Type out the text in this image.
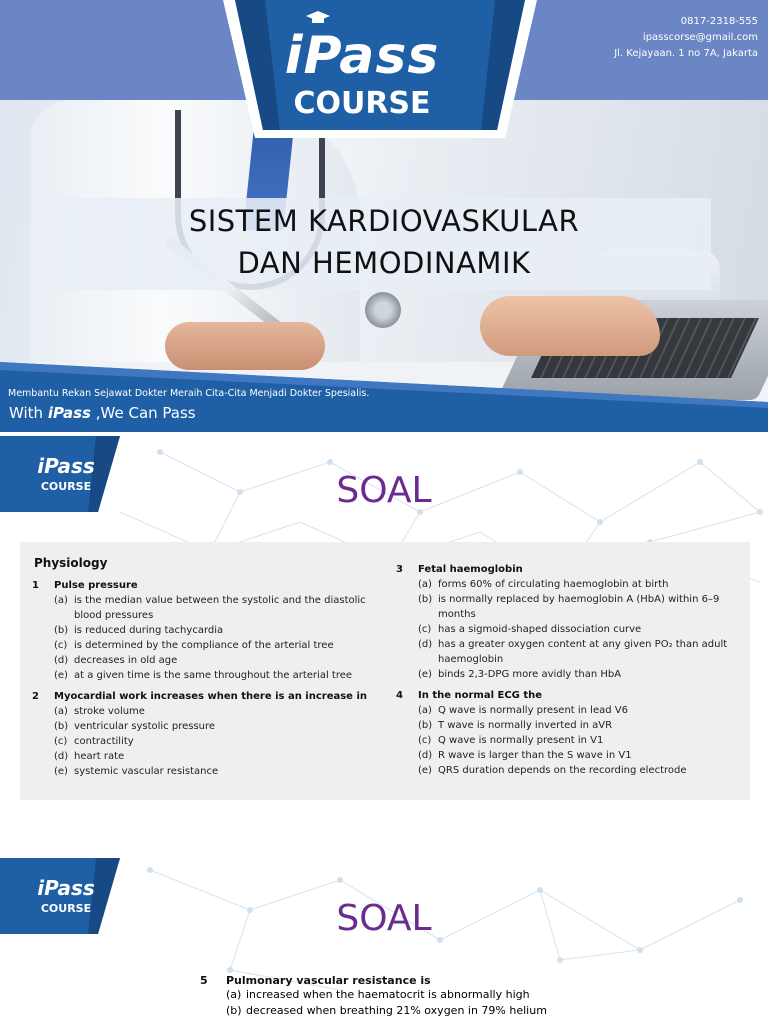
iPass
COURSE
0817-2318-555
ipasscorse@gmail.com
Jl. Kejayaan. 1 no 7A, Jakarta
SISTEM KARDIOVASKULAR
DAN HEMODINAMIK
Membantu Rekan Sejawat Dokter Meraih Cita-Cita Menjadi Dokter Spesialis.
With iPass ,We Can Pass
iPass
COURSE	SOAL
Physiology
1	Pulse pressure
(a) is the median value between the systolic and the diastolic blood pressures
(b) is reduced during tachycardia
(c) is determined by the compliance of the arterial tree
(d) decreases in old age
(e) at a given time is the same throughout the arterial tree
2	Myocardial work increases when there is an increase in
(a) stroke volume
(b) ventricular systolic pressure
(c) contractility
(d) heart rate
(e) systemic vascular resistance
3	Fetal haemoglobin
(a) forms 60% of circulating haemoglobin at birth
(b) is normally replaced by haemoglobin A (HbA) within 6–9 months
(c) has a sigmoid-shaped dissociation curve
(d) has a greater oxygen content at any given PO₂ than adult haemoglobin
(e) binds 2,3-DPG more avidly than HbA
4	In the normal ECG the
(a) Q wave is normally present in lead V6
(b) T wave is normally inverted in aVR
(c) Q wave is normally present in V1
(d) R wave is larger than the S wave in V1
(e) QRS duration depends on the recording electrode
iPass
COURSE	SOAL
5	Pulmonary vascular resistance is
(a) increased when the haematocrit is abnormally high
(b) decreased when breathing 21% oxygen in 79% helium
